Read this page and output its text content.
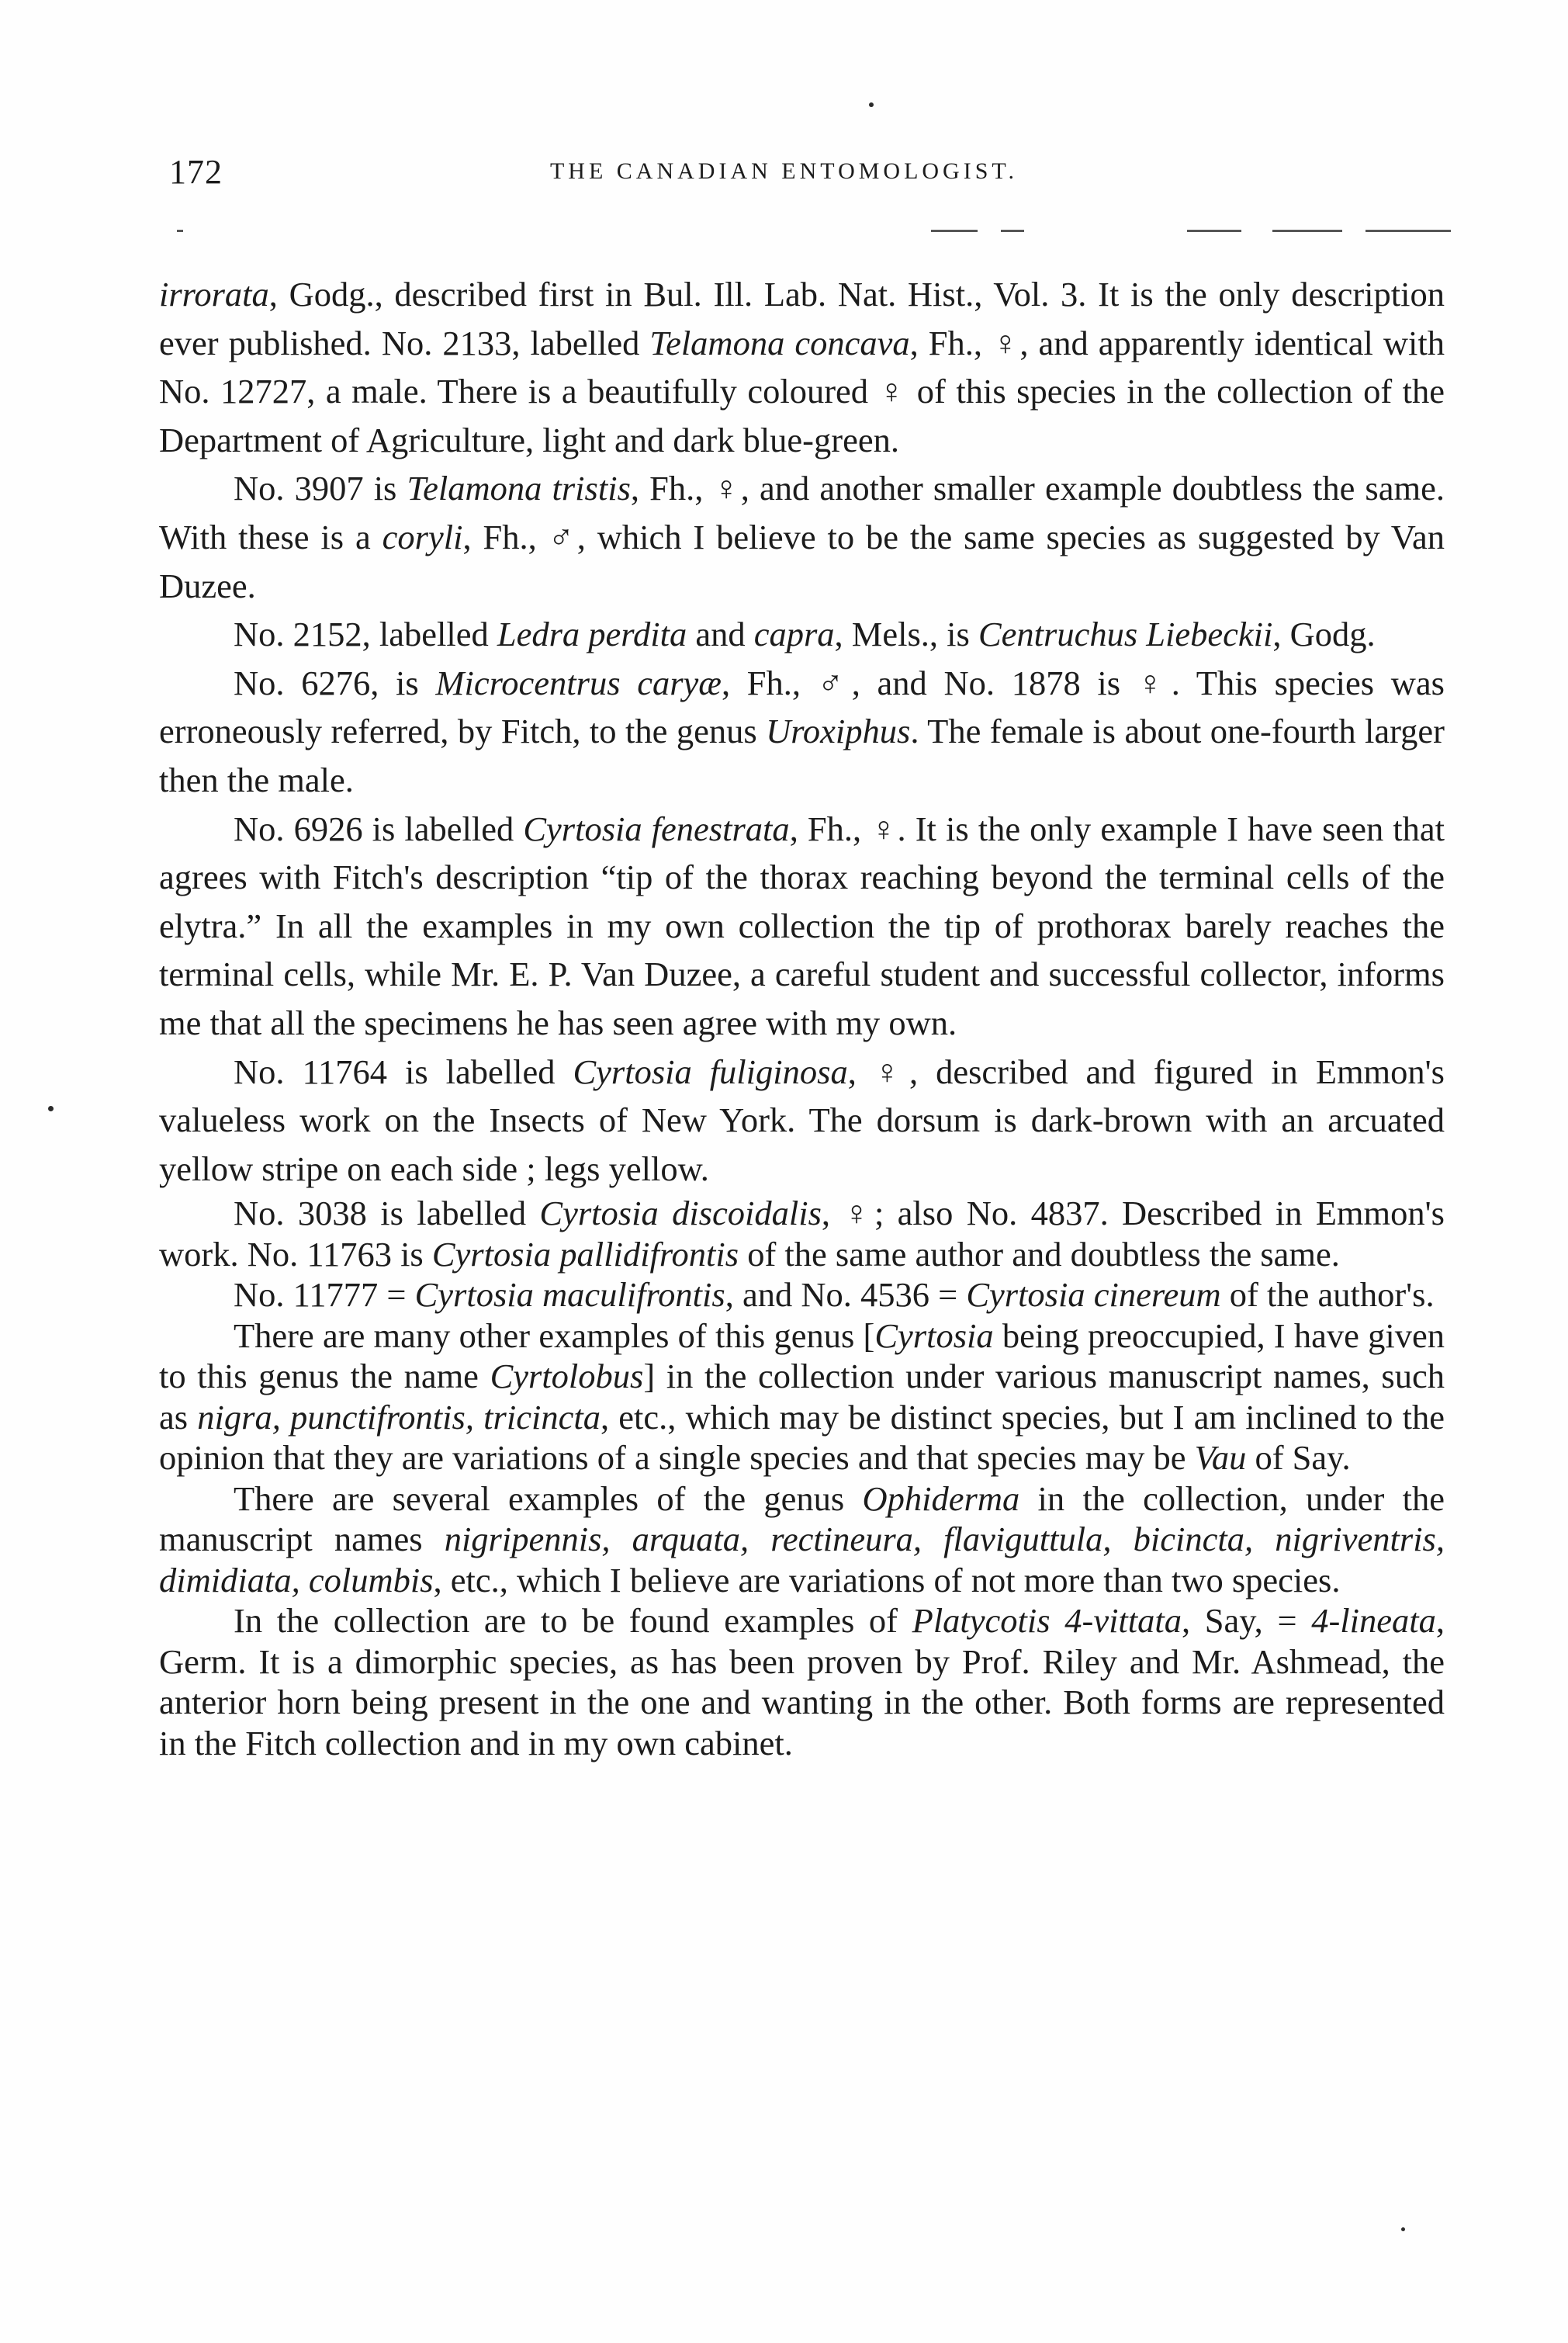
172	THE CANADIAN ENTOMOLOGIST.

irrorata, Godg., described first in Bul. Ill. Lab. Nat. Hist., Vol. 3. It is the only description ever published. No. 2133, labelled Telamona concava, Fh., ♀, and apparently identical with No. 12727, a male. There is a beautifully coloured ♀ of this species in the collection of the Department of Agriculture, light and dark blue-green.

No. 3907 is Telamona tristis, Fh., ♀, and another smaller example doubtless the same. With these is a coryli, Fh., ♂, which I believe to be the same species as suggested by Van Duzee.

No. 2152, labelled Ledra perdita and capra, Mels., is Centruchus Liebeckii, Godg.

No. 6276, is Microcentrus caryæ, Fh., ♂, and No. 1878 is ♀. This species was erroneously referred, by Fitch, to the genus Uroxiphus. The female is about one-fourth larger then the male.

No. 6926 is labelled Cyrtosia fenestrata, Fh., ♀. It is the only example I have seen that agrees with Fitch's description “tip of the thorax reaching beyond the terminal cells of the elytra.” In all the examples in my own collection the tip of prothorax barely reaches the terminal cells, while Mr. E. P. Van Duzee, a careful student and successful collector, informs me that all the specimens he has seen agree with my own.

No. 11764 is labelled Cyrtosia fuliginosa, ♀, described and figured in Emmon's valueless work on the Insects of New York. The dorsum is dark-brown with an arcuated yellow stripe on each side ; legs yellow.

No. 3038 is labelled Cyrtosia discoidalis, ♀; also No. 4837. Described in Emmon's work. No. 11763 is Cyrtosia pallidifrontis of the same author and doubtless the same.

No. 11777 = Cyrtosia maculifrontis, and No. 4536 = Cyrtosia cinereum of the author's.

There are many other examples of this genus [Cyrtosia being preoccupied, I have given to this genus the name Cyrtolobus] in the collection under various manuscript names, such as nigra, punctifrontis, tricincta, etc., which may be distinct species, but I am inclined to the opinion that they are variations of a single species and that species may be Vau of Say.

There are several examples of the genus Ophiderma in the collection, under the manuscript names nigripennis, arquata, rectineura, flaviguttula, bicincta, nigriventris, dimidiata, columbis, etc., which I believe are variations of not more than two species.

In the collection are to be found examples of Platycotis 4-vittata, Say, = 4-lineata, Germ. It is a dimorphic species, as has been proven by Prof. Riley and Mr. Ashmead, the anterior horn being present in the one and wanting in the other. Both forms are represented in the Fitch collection and in my own cabinet.
